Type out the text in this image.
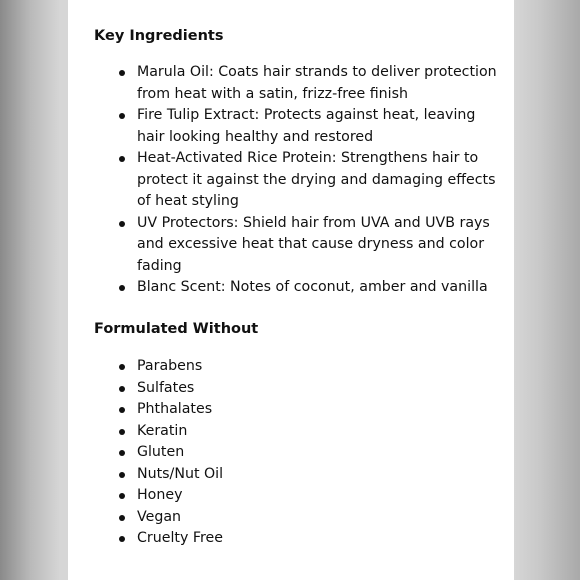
Key Ingredients
Marula Oil: Coats hair strands to deliver protection from heat with a satin, frizz-free finish
Fire Tulip Extract: Protects against heat, leaving hair looking healthy and restored
Heat-Activated Rice Protein: Strengthens hair to protect it against the drying and damaging effects of heat styling
UV Protectors: Shield hair from UVA and UVB rays and excessive heat that cause dryness and color fading
Blanc Scent: Notes of coconut, amber and vanilla
Formulated Without
Parabens
Sulfates
Phthalates
Keratin
Gluten
Nuts/Nut Oil
Honey
Vegan
Cruelty Free
